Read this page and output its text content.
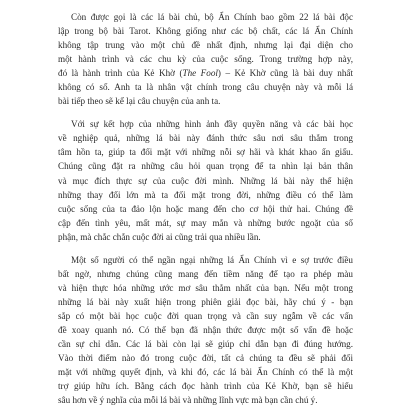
Còn được gọi là các lá bài chủ, bộ Ẩn Chính bao gồm 22 lá bài độc
lập trong bộ bài Tarot. Không giống như các bộ chất, các lá Ẩn Chính
không tập trung vào một chủ đề nhất định, nhưng lại đại diện cho
một hành trình và các chu kỳ của cuộc sống. Trong trường hợp này,
đó là hành trình của Kẻ Khờ (The Fool) – Kẻ Khờ cũng là bài duy nhất
không có số. Anh ta là nhân vật chính trong câu chuyện này và mỗi lá
bài tiếp theo sẽ kể lại câu chuyện của anh ta.

Với sự kết hợp của những hình ảnh đầy quyền năng và các bài học
về nghiệp quả, những lá bài này đánh thức sâu nơi sâu thẳm trong
tâm hồn ta, giúp ta đối mặt với những nỗi sợ hãi và khát khao ẩn giấu.
Chúng cũng đặt ra những câu hỏi quan trọng để ta nhìn lại bản thân
và mục đích thực sự của cuộc đời mình. Những lá bài này thể hiện
những thay đổi lớn mà ta đối mặt trong đời, những điều có thể làm
cuộc sống của ta đảo lộn hoặc mang đến cho cơ hội thử hai. Chúng đề
cập đến tình yêu, mất mát, sự may mắn và những bước ngoặt của số
phận, mà chắc chắn cuộc đời ai cũng trải qua nhiều lần.

Một số người có thể ngần ngại những lá Ẩn Chính vì e sợ trước điều
bất ngờ, nhưng chúng cũng mang đến tiềm năng để tạo ra phép màu
và hiện thực hóa những ước mơ sâu thẳm nhất của bạn. Nếu một trong
những lá bài này xuất hiện trong phiên giải đọc bài, hãy chú ý - bạn
sắp có một bài học cuộc đời quan trọng và cần suy ngẫm về các vấn
đề xoay quanh nó. Có thể bạn đã nhận thức được một số vấn đề hoặc
cần sự chỉ dẫn. Các lá bài còn lại sẽ giúp chỉ dẫn bạn đi đúng hướng.
Vào thời điểm nào đó trong cuộc đời, tất cả chúng ta đều sẽ phải đối
mặt với những quyết định, và khi đó, các lá bài Ẩn Chính có thể là một
trợ giúp hữu ích. Bằng cách đọc hành trình của Kẻ Khờ, bạn sẽ hiểu
sâu hơn về ý nghĩa của mỗi lá bài và những lĩnh vực mà bạn cần chú ý.
